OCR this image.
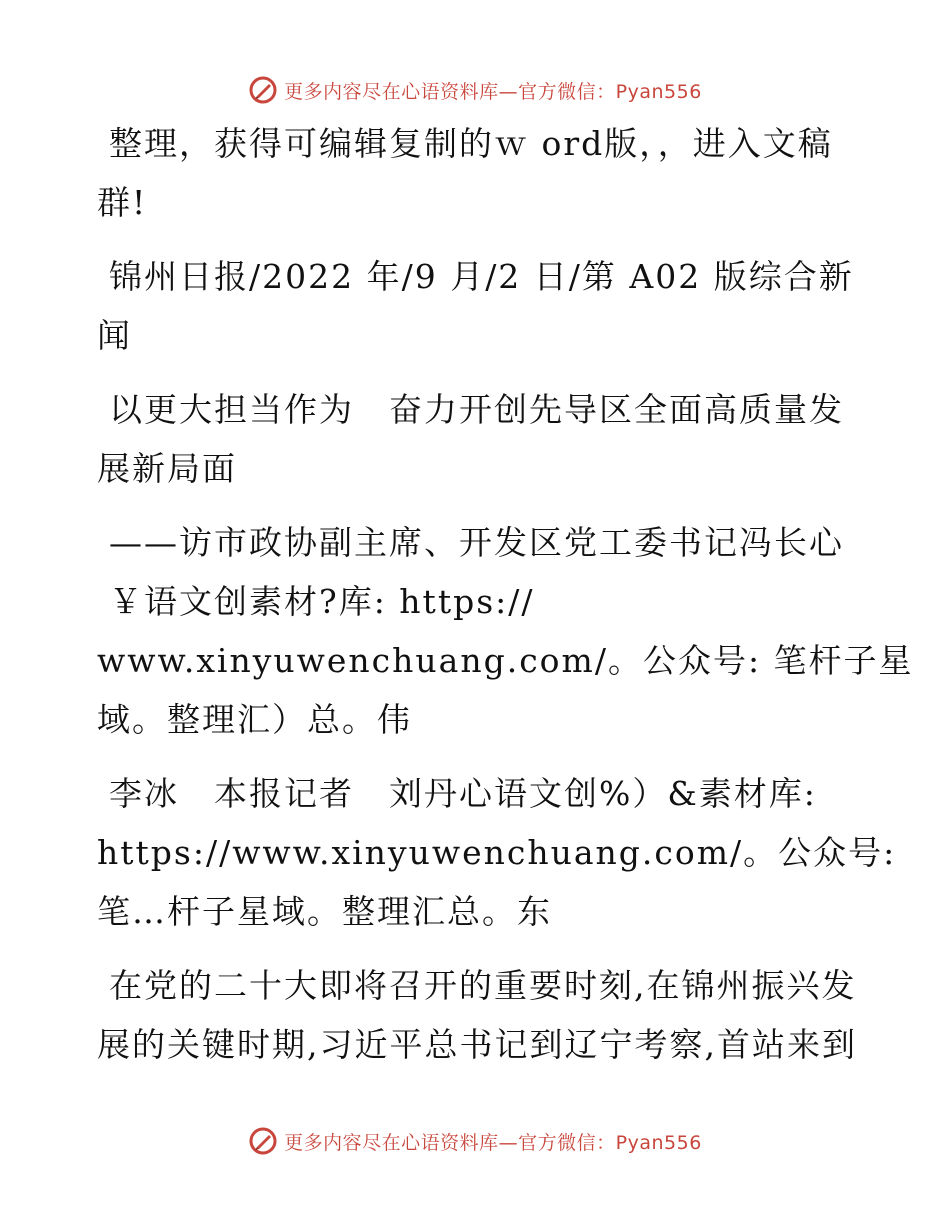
更多内容尽在心语资料库—官方微信：Pyan556

整理，获得可编辑复制的ｗ ord版，，进入文稿
群!

锦州日报/2022 年/9 月/2 日/第 A02 版综合新
闻

以更大担当作为　奋力开创先导区全面高质量发
展新局面

——访市政协副主席、开发区党工委书记冯长心
￥语文创素材?库: https://
www.xinyuwenchuang.com/。公众号: 笔杆子星
域。整理汇）总。伟

李冰　本报记者　刘丹心语文创%）&素材库:
https://www.xinyuwenchuang.com/。公众号:
笔…杆子星域。整理汇总。东

在党的二十大即将召开的重要时刻,在锦州振兴发
展的关键时期,习近平总书记到辽宁考察,首站来到

更多内容尽在心语资料库—官方微信：Pyan556
